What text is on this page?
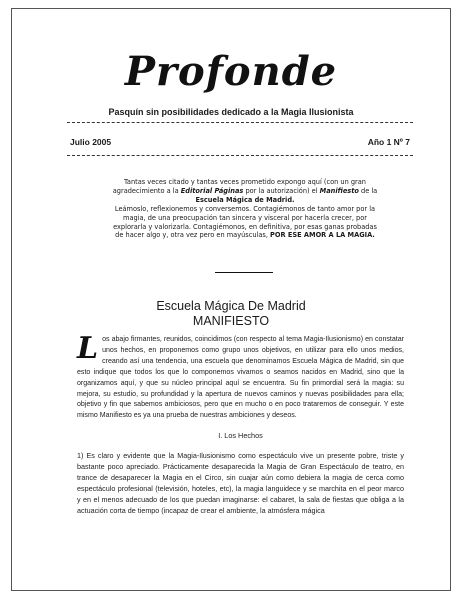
Profonde
Pasquín sin posibilidades dedicado a la Magia Ilusionista
Julio 2005	Año 1 Nº 7

Tantas veces citado y tantas veces prometido expongo aquí (con un gran agradecimiento a la Editorial Páginas por la autorización) el Manifiesto de la Escuela Mágica de Madrid.

Leámoslo, reflexionemos y conversemos. Contagiémonos de tanto amor por la magia, de una preocupación tan sincera y visceral por hacerla crecer, por explorarla y valorizarla. Contagiémonos, en definitiva, por esas ganas probadas de hacer algo y, otra vez pero en mayúsculas, POR ESE AMOR A LA MAGIA.

Escuela Mágica De Madrid
MANIFIESTO

Los abajo firmantes, reunidos, coincidimos (con respecto al tema Magia-Ilusionismo) en constatar unos hechos, en proponemos como grupo unos objetivos, en utilizar para ello unos medios, creando así una tendencia, una escuela que denominamos Escuela Mágica de Madrid, sin que esto indique que todos los que lo componemos vivamos o seamos nacidos en Madrid, sino que la organizamos aquí, y que su núcleo principal aquí se encuentra. Su fin primordial será la magia: su mejora, su estudio, su profundidad y la apertura de nuevos caminos y nuevas posibilidades para ella; objetivo y fin que sabemos ambiciosos, pero que en mucho o en poco trataremos de conseguir. Y este mismo Manifiesto es ya una prueba de nuestras ambiciones y deseos.

I. Los Hechos

1) Es claro y evidente que la Magia-Ilusionismo como espectáculo vive un presente pobre, triste y bastante poco apreciado. Prácticamente desaparecida la Magia de Gran Espectáculo de teatro, en trance de desaparecer la Magia en el Circo, sin cuajar aún como debiera la magia de cerca como espectáculo profesional (televisión, hoteles, etc), la magia languidece y se marchita en el peor marco y en el menos adecuado de los que puedan imaginarse: el cabaret, la sala de fiestas que obliga a la actuación corta de tiempo (incapaz de crear el ambiente, la atmósfera mágica
